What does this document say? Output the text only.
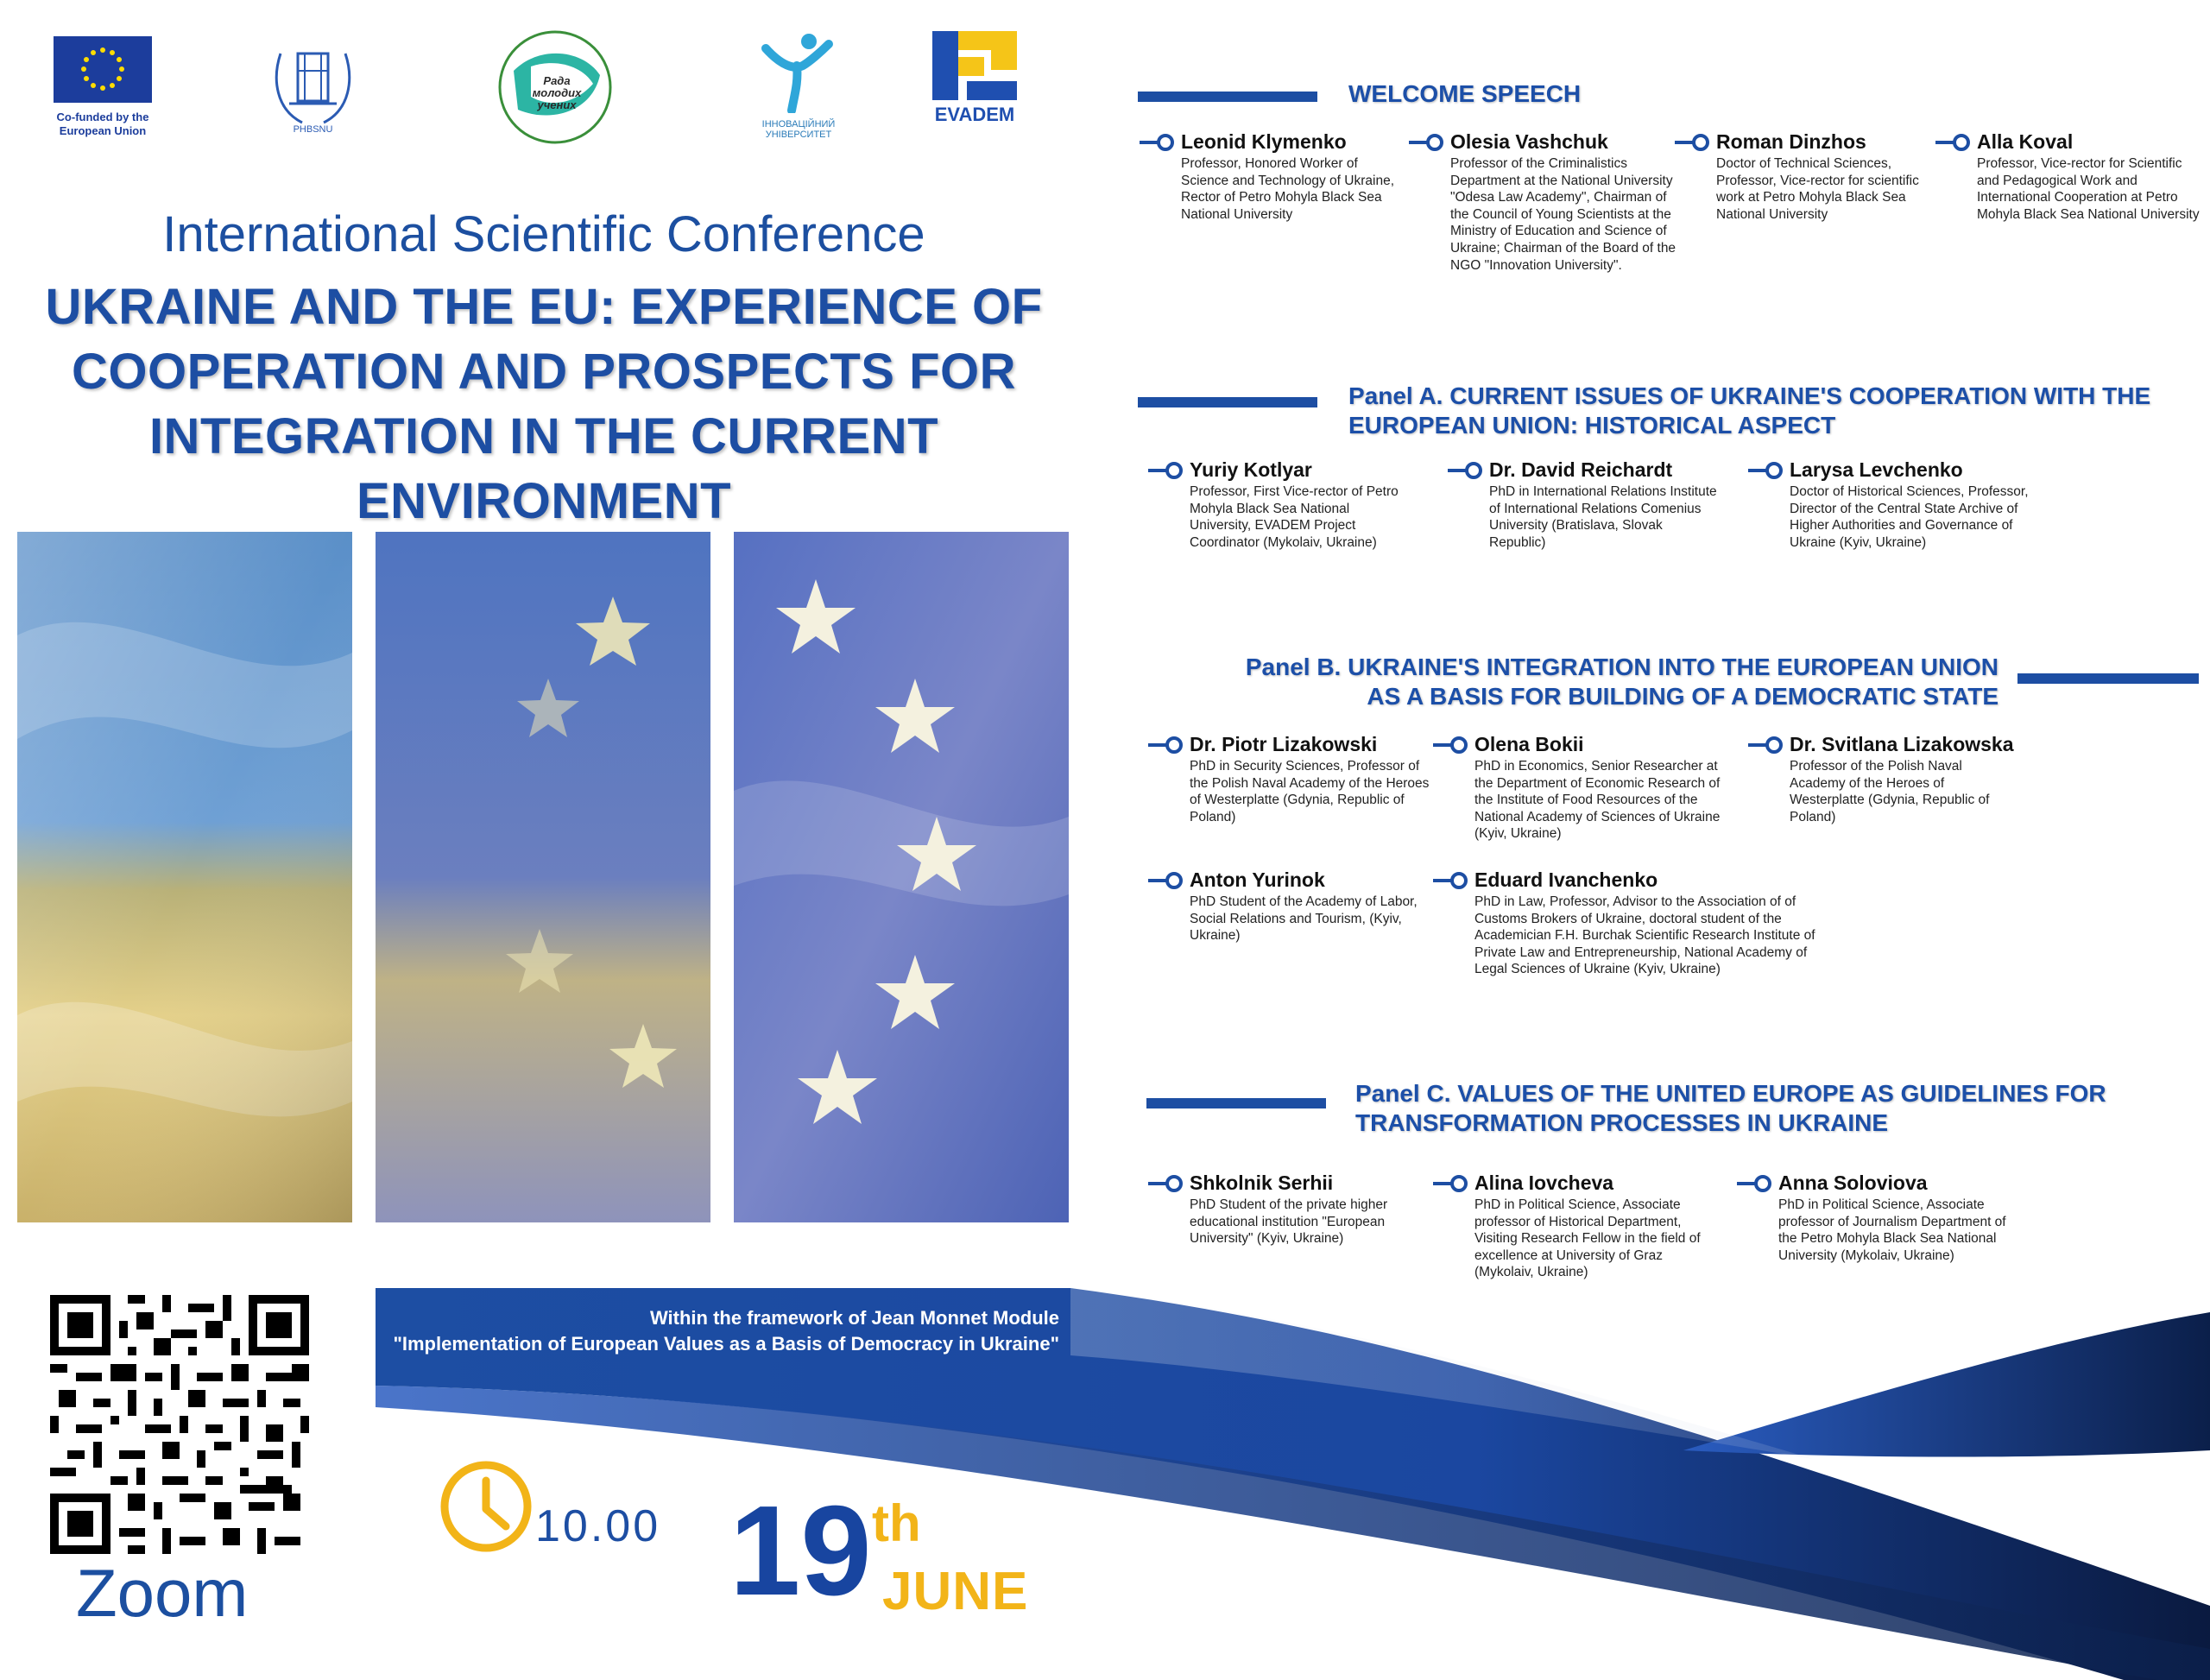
Co-funded by the European Union	PHBSNU
Рада молодих учених
ІННОВАЦІЙНИЙ УНІВЕРСИТЕТ
EVADEM
International Scientific Conference
UKRAINE AND THE EU: EXPERIENCE OF
COOPERATION AND PROSPECTS FOR
INTEGRATION IN THE CURRENT ENVIRONMENT
WELCOME SPEECH
Leonid Klymenko
Professor, Honored Worker of Science and Technology of Ukraine, Rector of Petro Mohyla Black Sea National University
Olesia Vashchuk
Professor of the Criminalistics Department at the National University "Odesa Law Academy", Chairman of the Council of Young Scientists at the Ministry of Education and Science of Ukraine; Chairman of the Board of the NGO "Innovation University".
Roman Dinzhos
Doctor of Technical Sciences, Professor, Vice-rector for scientific work at Petro Mohyla Black Sea National University
Alla Koval
Professor, Vice-rector for Scientific and Pedagogical Work and International Cooperation at Petro Mohyla Black Sea National University
Panel A. CURRENT ISSUES OF UKRAINE'S COOPERATION WITH THE
EUROPEAN UNION: HISTORICAL ASPECT
Yuriy Kotlyar
Professor, First Vice-rector of Petro Mohyla Black Sea National University, EVADEM Project Coordinator (Mykolaiv, Ukraine)
Dr. David Reichardt
PhD in International Relations Institute of International Relations Comenius University (Bratislava, Slovak Republic)
Larysa Levchenko
Doctor of Historical Sciences, Professor, Director of the Central State Archive of Higher Authorities and Governance of Ukraine (Kyiv, Ukraine)
Panel B. UKRAINE'S INTEGRATION INTO THE EUROPEAN UNION
AS A BASIS FOR BUILDING OF A DEMOCRATIC STATE
Dr. Piotr Lizakowski
PhD in Security Sciences, Professor of the Polish Naval Academy of the Heroes of Westerplatte (Gdynia, Republic of Poland)
Olena Bokii
PhD in Economics, Senior Researcher at the Department of Economic Research of the Institute of Food Resources of the National Academy of Sciences of Ukraine (Kyiv, Ukraine)
Dr. Svitlana Lizakowska
Professor of the Polish Naval Academy of the Heroes of Westerplatte (Gdynia, Republic of Poland)
Anton Yurinok
PhD Student of the Academy of Labor, Social Relations and Tourism, (Kyiv, Ukraine)
Eduard Ivanchenko
PhD in Law, Professor, Advisor to the Association of of Customs Brokers of Ukraine, doctoral student of the Academician F.H. Burchak Scientific Research Institute of Private Law and Entrepreneurship, National Academy of Legal Sciences of Ukraine (Kyiv, Ukraine)
Panel C. VALUES OF THE UNITED EUROPE AS GUIDELINES FOR
TRANSFORMATION PROCESSES IN UKRAINE
Shkolnik Serhii
PhD Student of the private higher educational institution "European University" (Kyiv, Ukraine)
Alina Iovcheva
PhD in Political Science, Associate professor of Historical Department, Visiting Research Fellow in the field of excellence at University of Graz (Mykolaiv, Ukraine)
Anna Soloviova
PhD in Political Science, Associate professor of Journalism Department of the Petro Mohyla Black Sea National University (Mykolaiv, Ukraine)
Within the framework of Jean Monnet Module
"Implementation of European Values as a Basis of Democracy in Ukraine"
Zoom
10.00 19 th
JUNE
